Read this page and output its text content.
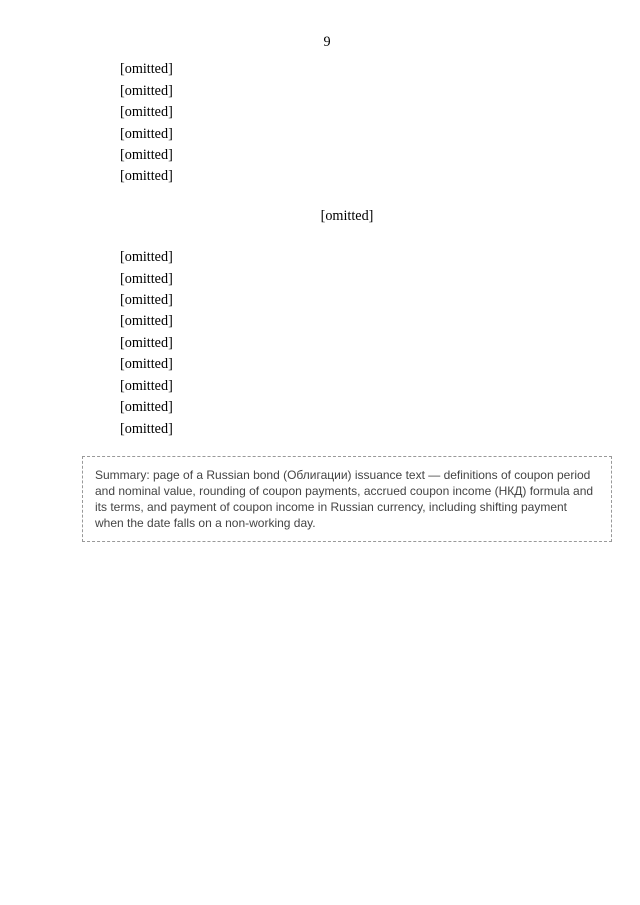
9

[omitted]

[omitted]

[omitted]

[omitted]

[omitted]

[omitted]

[omitted]

[omitted]

[omitted]

[omitted]

[omitted]

[omitted]

[omitted]

[omitted]

[omitted]

[omitted]

Summary: page of a Russian bond (Облигации) issuance text — definitions of coupon period and nominal value, rounding of coupon payments, accrued coupon income (НКД) formula and its terms, and payment of coupon income in Russian currency, including shifting payment when the date falls on a non-working day.
